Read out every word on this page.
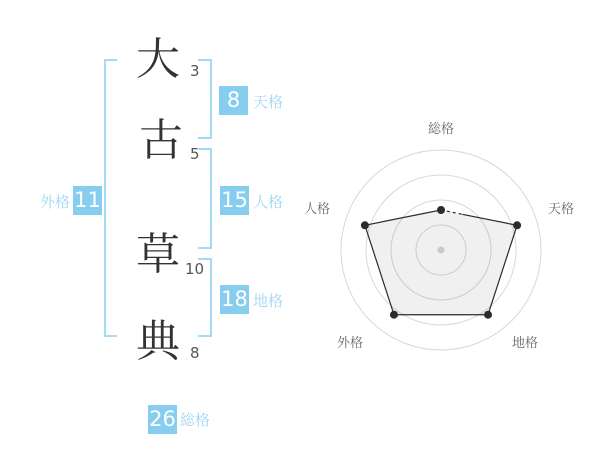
大
古
草
典
3
5
10
8
8 天格
15 人格
18 地格
外格 11
26 総格
総格
天格
地格
外格
人格
